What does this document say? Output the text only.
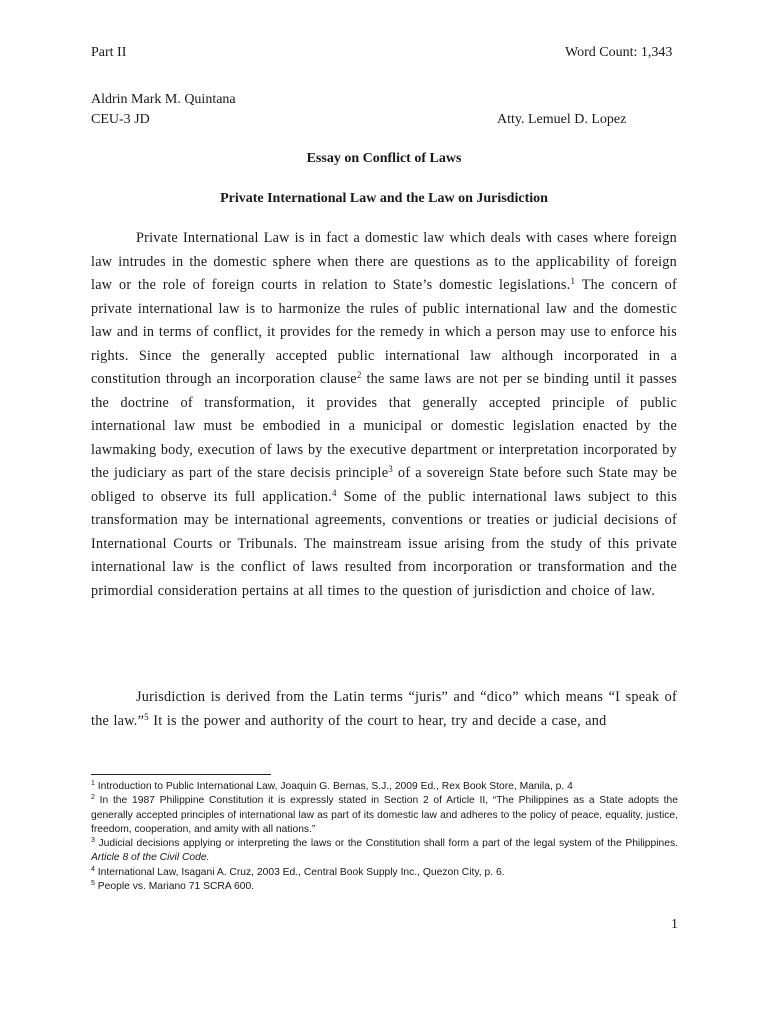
Part II	Word Count: 1,343
Aldrin Mark M. Quintana
CEU-3 JD	Atty. Lemuel D. Lopez
Essay on Conflict of Laws
Private International Law and the Law on Jurisdiction

Private International Law is in fact a domestic law which deals with cases where foreign law intrudes in the domestic sphere when there are questions as to the applicability of foreign law or the role of foreign courts in relation to State’s domestic legislations.$^1$ The concern of private international law is to harmonize the rules of public international law and the domestic law and in terms of conflict, it provides for the remedy in which a person may use to enforce his rights. Since the generally accepted public international law although incorporated in a constitution through an incorporation clause$^2$ the same laws are not per se binding until it passes the doctrine of transformation, it provides that generally accepted principle of public international law must be embodied in a municipal or domestic legislation enacted by the lawmaking body, execution of laws by the executive department or interpretation incorporated by the judiciary as part of the stare decisis principle$^3$ of a sovereign State before such State may be obliged to observe its full application.$^4$ Some of the public international laws subject to this transformation may be international agreements, conventions or treaties or judicial decisions of International Courts or Tribunals. The mainstream issue arising from the study of this private international law is the conflict of laws resulted from incorporation or transformation and the primordial consideration pertains at all times to the question of jurisdiction and choice of law.

Jurisdiction is derived from the Latin terms “juris” and “dico” which means “I speak of the law.”$^5$ It is the power and authority of the court to hear, try and decide a case, and

$^1$ Introduction to Public International Law, Joaquin G. Bernas, S.J., 2009 Ed., Rex Book Store, Manila, p. 4

$^2$ In the 1987 Philippine Constitution it is expressly stated in Section 2 of Article II, “The Philippines as a State adopts the generally accepted principles of international law as part of its domestic law and adheres to the policy of peace, equality, justice, freedom, cooperation, and amity with all nations.”

$^3$ Judicial decisions applying or interpreting the laws or the Constitution shall form a part of the legal system of the Philippines. Article 8 of the Civil Code.

$^4$ International Law, Isagani A. Cruz, 2003 Ed., Central Book Supply Inc., Quezon City, p. 6.

$^5$ People vs. Mariano 71 SCRA 600.

1
